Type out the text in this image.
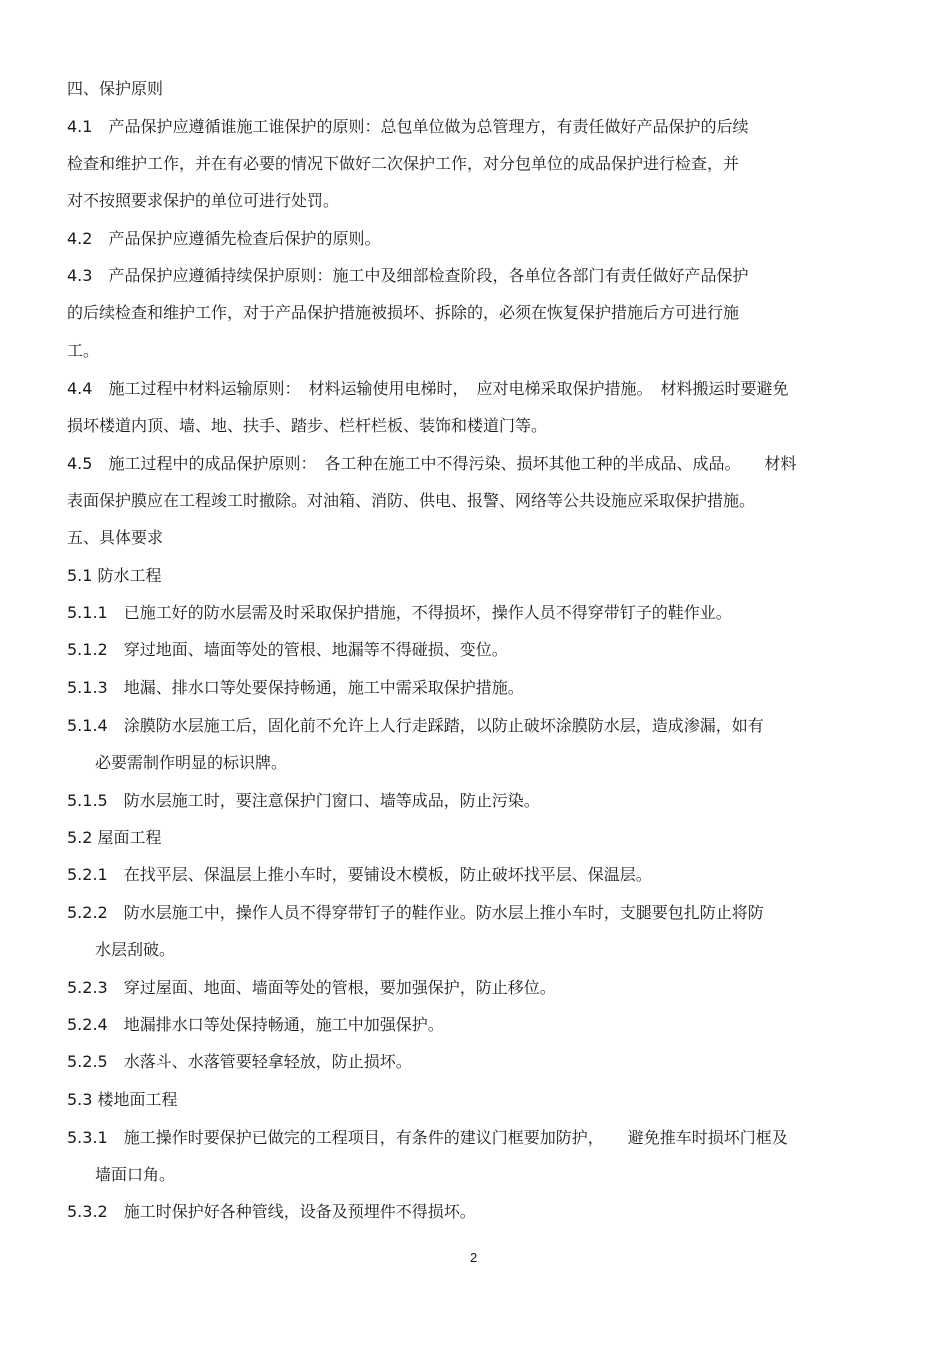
四、保护原则
4.1　产品保护应遵循谁施工谁保护的原则：总包单位做为总管理方，有责任做好产品保护的后续
检查和维护工作，并在有必要的情况下做好二次保护工作，对分包单位的成品保护进行检查，并
对不按照要求保护的单位可进行处罚。
4.2　产品保护应遵循先检查后保护的原则。
4.3　产品保护应遵循持续保护原则：施工中及细部检查阶段，各单位各部门有责任做好产品保护
的后续检查和维护工作，对于产品保护措施被损坏、拆除的，必须在恢复保护措施后方可进行施
工。
4.4　施工过程中材料运输原则：　材料运输使用电梯时，　应对电梯采取保护措施。　材料搬运时要避免
损坏楼道内顶、墙、地、扶手、踏步、栏杆栏板、装饰和楼道门等。
4.5　施工过程中的成品保护原则：　各工种在施工中不得污染、损坏其他工种的半成品、成品。　　材料
表面保护膜应在工程竣工时撤除。对油箱、消防、供电、报警、网络等公共设施应采取保护措施。
五、具体要求
5.1 防水工程
5.1.1　已施工好的防水层需及时采取保护措施，不得损坏，操作人员不得穿带钉子的鞋作业。
5.1.2　穿过地面、墙面等处的管根、地漏等不得碰损、变位。
5.1.3　地漏、排水口等处要保持畅通，施工中需采取保护措施。
5.1.4　涂膜防水层施工后，固化前不允许上人行走踩踏，以防止破坏涂膜防水层，造成渗漏，如有
必要需制作明显的标识牌。
5.1.5　防水层施工时，要注意保护门窗口、墙等成品，防止污染。
5.2 屋面工程
5.2.1　在找平层、保温层上推小车时，要铺设木模板，防止破坏找平层、保温层。
5.2.2　防水层施工中，操作人员不得穿带钉子的鞋作业。防水层上推小车时，支腿要包扎防止将防
水层刮破。
5.2.3　穿过屋面、地面、墙面等处的管根，要加强保护，防止移位。
5.2.4　地漏排水口等处保持畅通，施工中加强保护。
5.2.5　水落斗、水落管要轻拿轻放，防止损坏。
5.3 楼地面工程
5.3.1　施工操作时要保护已做完的工程项目，有条件的建议门框要加防护，　　避免推车时损坏门框及
墙面口角。
5.3.2　施工时保护好各种管线，设备及预埋件不得损坏。
2
